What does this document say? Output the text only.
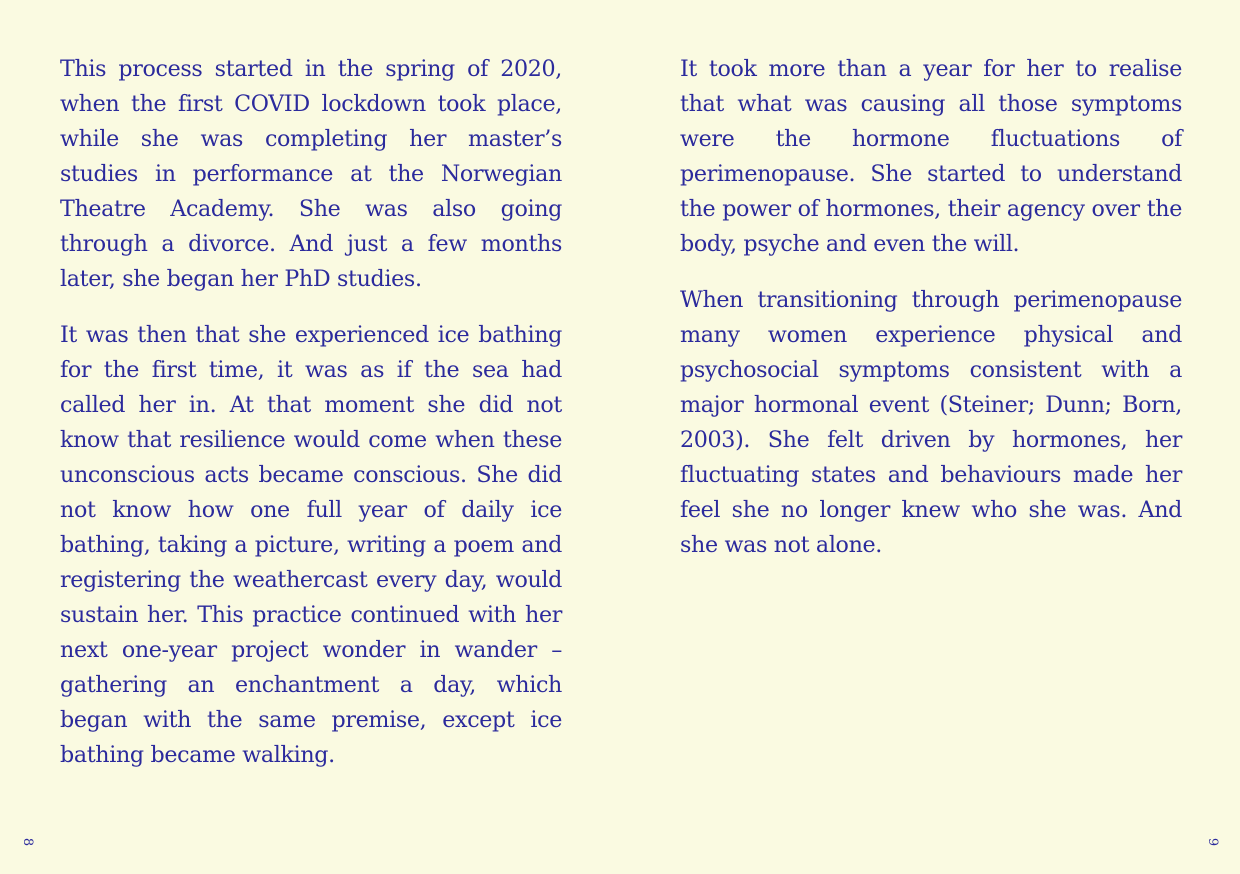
This process started in the spring of 2020, when the first COVID lockdown took place, while she was completing her master’s studies in performance at the Norwegian Theatre Academy. She was also going through a divorce. And just a few months later, she began her PhD studies.

It was then that she experienced ice bathing for the first time, it was as if the sea had called her in. At that moment she did not know that resilience would come when these unconscious acts became conscious. She did not know how one full year of daily ice bathing, taking a picture, writing a poem and registering the weathercast every day, would sustain her. This practice continued with her next one-year project wonder in wander – gathering an enchantment a day, which began with the same premise, except ice bathing became walking.

8

It took more than a year for her to realise that what was causing all those symptoms were the hormone fluctuations of perimenopause. She started to understand the power of hormones, their agency over the body, psyche and even the will.

When transitioning through perimenopause many women experience physical and psychosocial symptoms consistent with a major hormonal event (Steiner; Dunn; Born, 2003). She felt driven by hormones, her fluctuating states and behaviours made her feel she no longer knew who she was. And she was not alone.

9
